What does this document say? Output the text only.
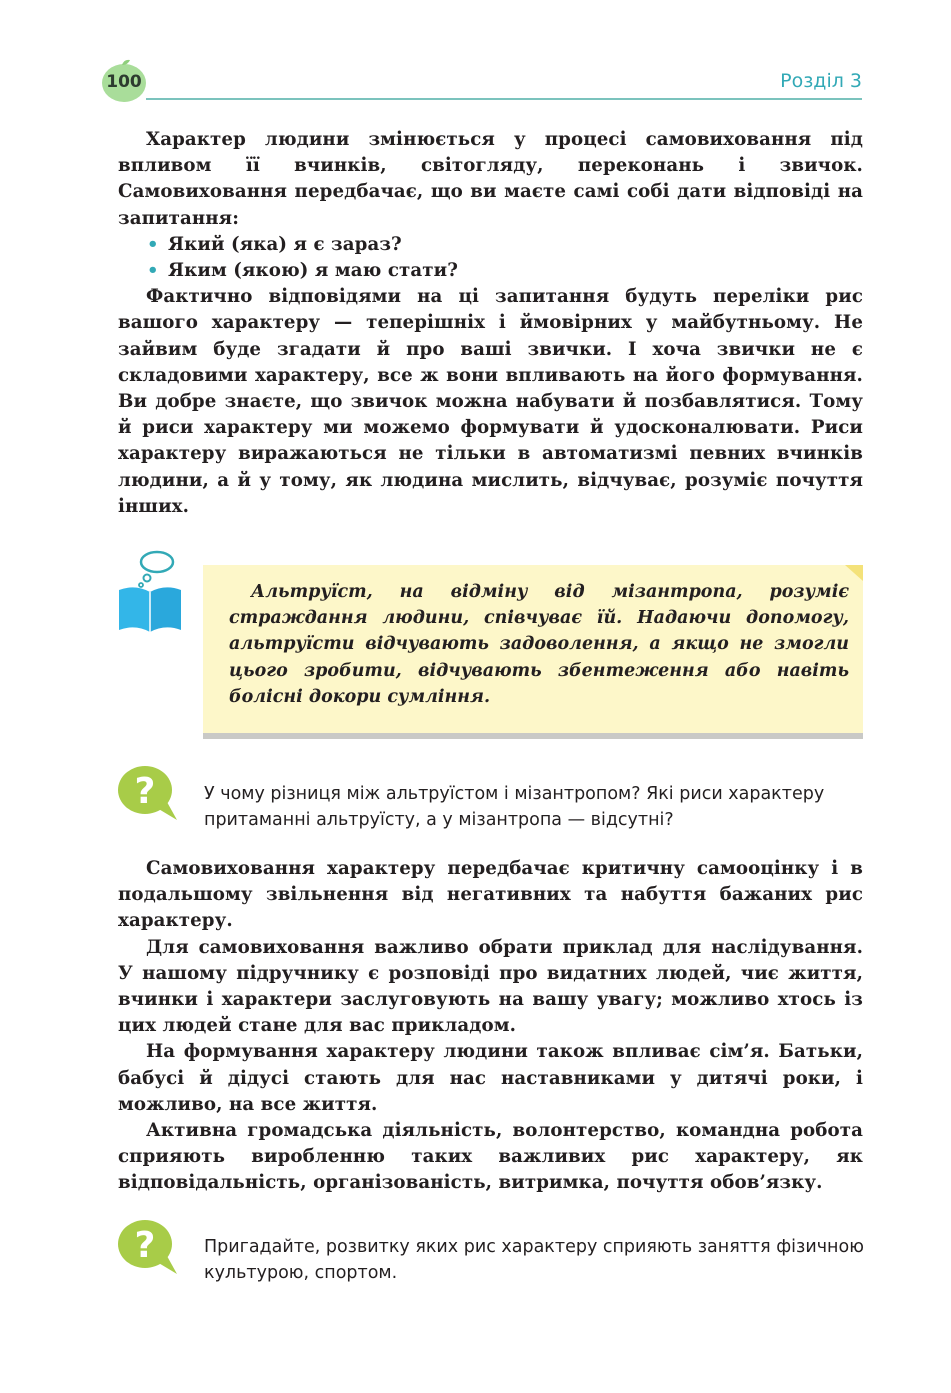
100	Розділ 3

Характер людини змінюється у процесі самовиховання під впливом її вчинків, світогляду, переконань і звичок. Самовиховання передбачає, що ви маєте самі собі дати відповіді на запитання:

• Який (яка) я є зараз?
• Яким (якою) я маю стати?

Фактично відповідями на ці запитання будуть переліки рис вашого характеру — теперішніх і ймовірних у майбутньому. Не зайвим буде згадати й про ваші звички. І хоча звички не є складовими характеру, все ж вони впливають на його формування. Ви добре знаєте, що звичок можна набувати й позбавлятися. Тому й риси характеру ми можемо формувати й удосконалювати. Риси характеру виражаються не тільки в автоматизмі певних вчинків людини, а й у тому, як людина мислить, відчуває, розуміє почуття інших.

Альтруїст, на відміну від мізантропа, розуміє страждання людини, співчуває їй. Надаючи допомогу, альтруїсти відчувають задоволення, а якщо не змогли цього зробити, відчувають збентеження або навіть болісні докори сумління.
?	У чому різниця між альтруїстом і мізантропом? Які риси характеру притаманні альтруїсту, а у мізантропа — відсутні?

Самовиховання характеру передбачає критичну самооцінку і в подальшому звільнення від негативних та набуття бажаних рис характеру.

Для самовиховання важливо обрати приклад для наслідування. У нашому підручнику є розповіді про видатних людей, чиє життя, вчинки і характери заслуговують на вашу увагу; можливо хтось із цих людей стане для вас прикладом.

На формування характеру людини також впливає сім’я. Батьки, бабусі й дідусі стають для нас наставниками у дитячі роки, і можливо, на все життя.

Активна громадська діяльність, волонтерство, командна робота сприяють виробленню таких важливих рис характеру, як відповідальність, організованість, витримка, почуття обов’язку.

?	Пригадайте, розвитку яких рис характеру сприяють заняття фізичною культурою, спортом.
